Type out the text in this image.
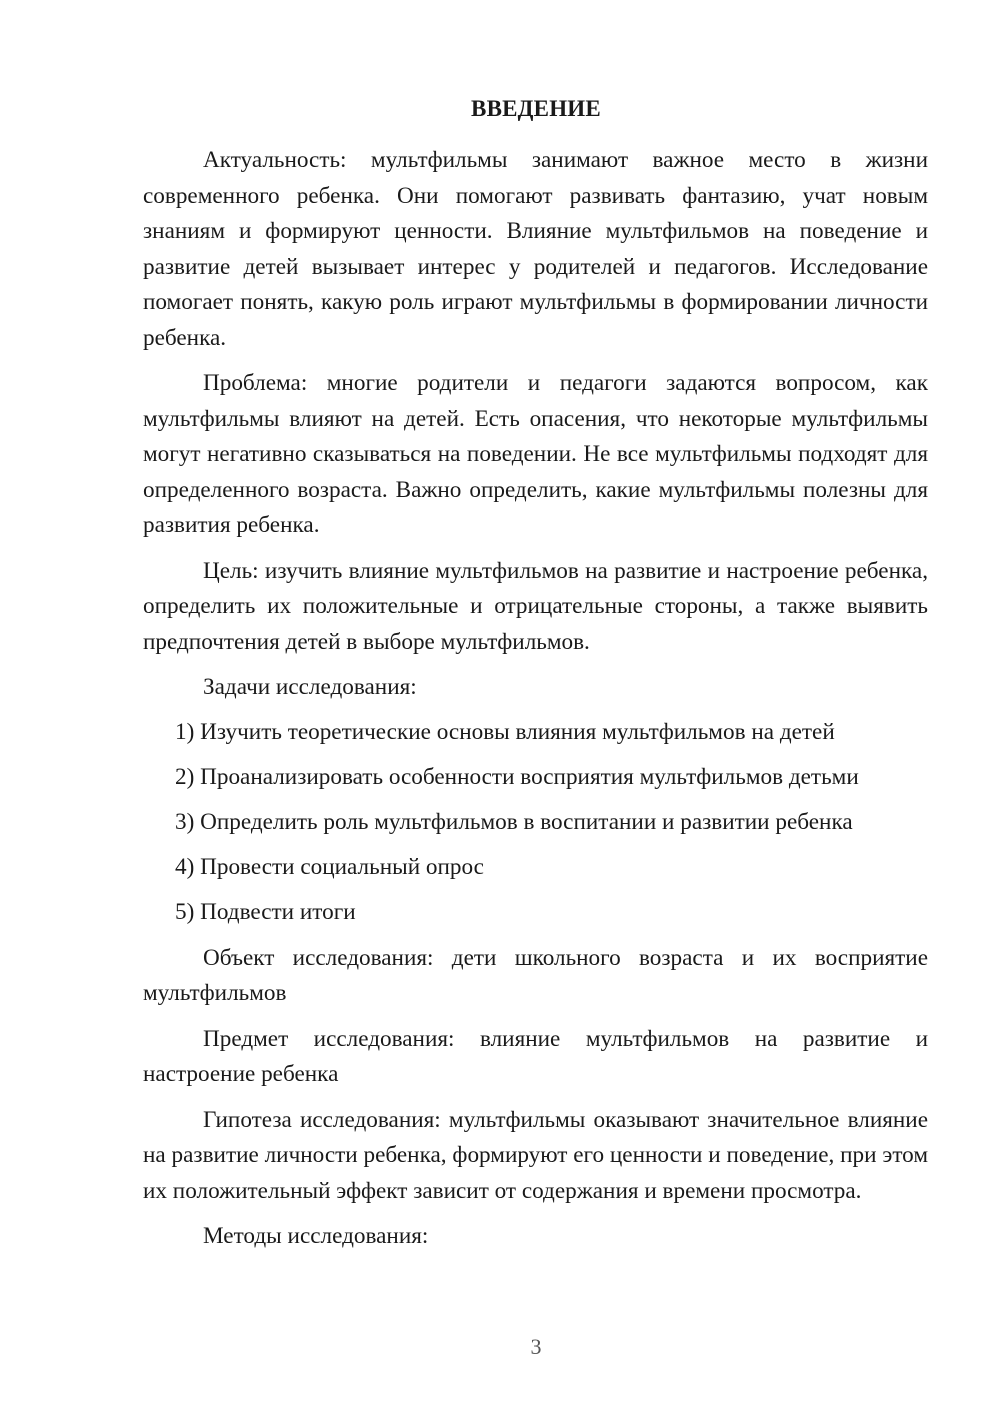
ВВЕДЕНИЕ

Актуальность: мультфильмы занимают важное место в жизни современного ребенка. Они помогают развивать фантазию, учат новым знаниям и формируют ценности. Влияние мультфильмов на поведение и развитие детей вызывает интерес у родителей и педагогов. Исследование помогает понять, какую роль играют мультфильмы в формировании личности ребенка.

Проблема: многие родители и педагоги задаются вопросом, как мультфильмы влияют на детей. Есть опасения, что некоторые мультфильмы могут негативно сказываться на поведении. Не все мультфильмы подходят для определенного возраста. Важно определить, какие мультфильмы полезны для развития ребенка.

Цель: изучить влияние мультфильмов на развитие и настроение ребенка, определить их положительные и отрицательные стороны, а также выявить предпочтения детей в выборе мультфильмов.

Задачи исследования:

1) Изучить теоретические основы влияния мультфильмов на детей

2) Проанализировать особенности восприятия мультфильмов детьми

3) Определить роль мультфильмов в воспитании и развитии ребенка

4) Провести социальный опрос

5) Подвести итоги

Объект исследования: дети школьного возраста и их восприятие мультфильмов

Предмет исследования: влияние мультфильмов на развитие и настроение ребенка

Гипотеза исследования: мультфильмы оказывают значительное влияние на развитие личности ребенка, формируют его ценности и поведение, при этом их положительный эффект зависит от содержания и времени просмотра.

Методы исследования:

3
